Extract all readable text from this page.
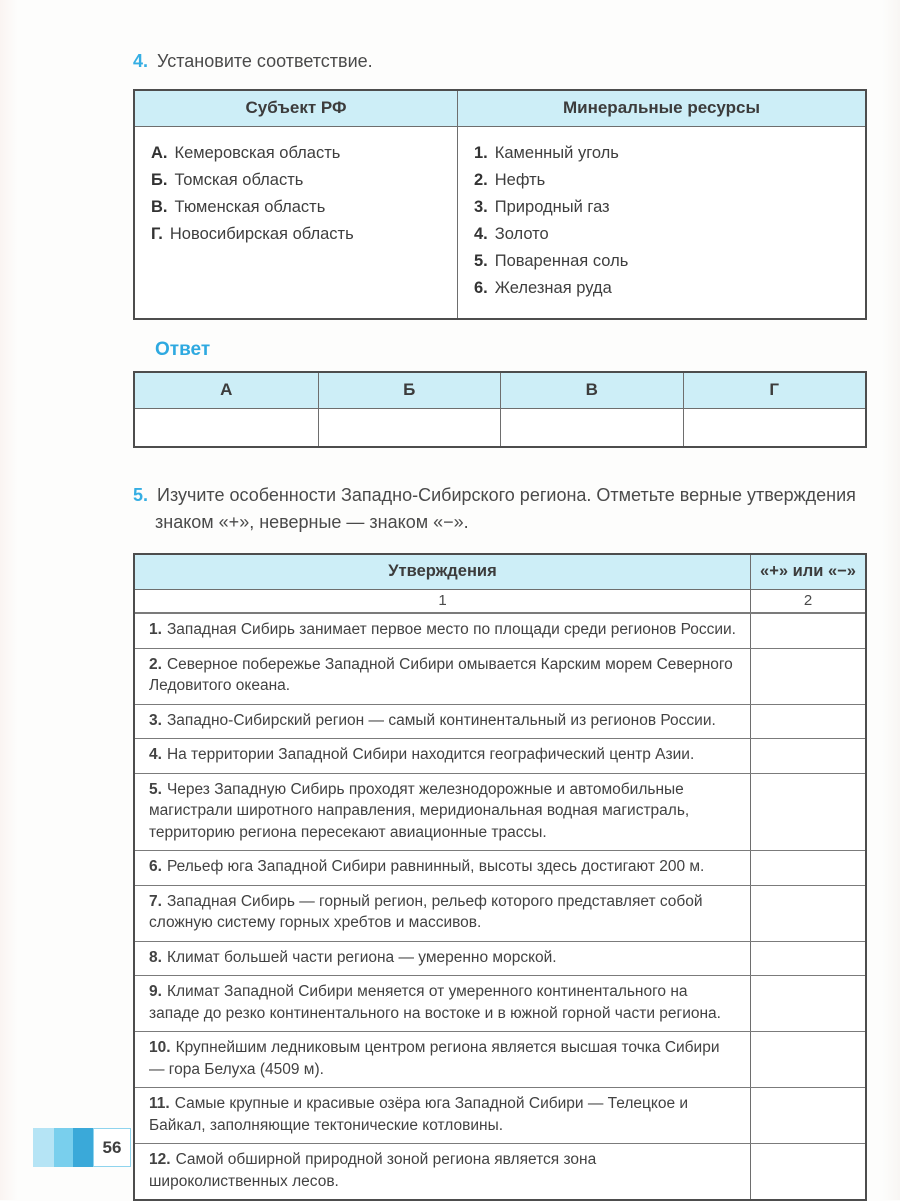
4. Установите соответствие.
Субъект РФ	Минеральные ресурсы
А. Кемеровская область
Б. Томская область
В. Тюменская область
Г. Новосибирская область
1. Каменный уголь
2. Нефть
3. Природный газ
4. Золото
5. Поваренная соль
6. Железная руда
Ответ
А	Б	В	Г
5. Изучите особенности Западно-Сибирского региона. Отметьте верные утверждения знаком «+», неверные — знаком «−».
Утверждения	«+» или «−»
1	2
1. Западная Сибирь занимает первое место по площади среди регионов России.
2. Северное побережье Западной Сибири омывается Карским морем Северного Ледовитого океана.
3. Западно-Сибирский регион — самый континентальный из регионов России.
4. На территории Западной Сибири находится географический центр Азии.
5. Через Западную Сибирь проходят железнодорожные и автомобильные магистрали широтного направления, меридиональная водная магистраль, территорию региона пересекают авиационные трассы.
6. Рельеф юга Западной Сибири равнинный, высоты здесь достигают 200 м.
7. Западная Сибирь — горный регион, рельеф которого представляет собой сложную систему горных хребтов и массивов.
8. Климат большей части региона — умеренно морской.
9. Климат Западной Сибири меняется от умеренного континентального на западе до резко континентального на востоке и в южной горной части региона.
10. Крупнейшим ледниковым центром региона является высшая точка Сибири — гора Белуха (4509 м).
11. Самые крупные и красивые озёра юга Западной Сибири — Телецкое и Байкал, заполняющие тектонические котловины.
12. Самой обширной природной зоной региона является зона широколиственных лесов.
56
